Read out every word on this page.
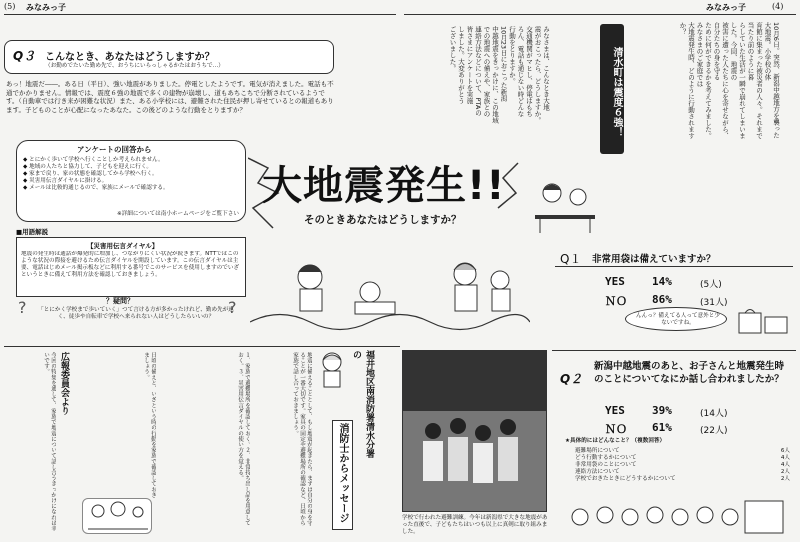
(5) みなみっ子	みなみっ子	(4)
Q３ こんなとき、あなたはどうしますか？
（お勤めでたいた勤め先で、おうちにいらっしゃるかたはおうちで…）
あっ！地震だ――。ある日（平日）、強い地震がありました。停電としたようです。電気が消えました。電話も不通でかかりません。情報では、震度６強の地震で多くの建物が崩壊し、道もあちこちで分断されているようです。（自動車では行き来が困難な状況）また、ある小学校には、避難された住民が押し寄せているとの報道もあります。子どものことが心配になったあなた。この後どのような行動をとりますか？
アンケートの回答から
◆ とにかく歩いて学校へ行くことしか考えられません。
◆ 地域の人たちと協力して、子どもを迎えに行く。
◆ 家まで戻り、家の状態を確認してから学校へ行く。
◆ 災害用伝言ダイヤルに掛ける。
◆ メールは比較的通じるので、家族にメールで確認する。
※詳細については南小ホームページをご覧下さい
■用語解説
【災害用伝言ダイヤル】
地震の発生時は通話が爆発的に増加し、つながりにくい状況が続きます。NTTではこのような状況の際接を避けるため伝言ダイヤルを開設しています。この伝言ダイヤルは主要、電話はじめメール掲示板などに利用する番号でこのサービスを使用しますのでいざというときに備えて利用方法を確認しておきましょう。
？疑問？
「とにかく学校まで歩いていく」つて言ける方が多かったけれど、勤め先が遠く、徒歩や自転車で学校へ来られない人はどうしたらいいの？
?	?
広報委員会より
今回の特集を通して、家族で地震について話し合うきっかけになれば幸いです。	日頃の備えと、いざという時の行動を家族で確認しておきましょう。	１．家族で避難場所を確認しておく。２．非常持ち出し品を用意しておく。３．災害用伝言ダイヤルの使い方を覚える。	地震に備えることとして、もし地震が起きたら、まずは自分の身を守ることが一番大切です。家具の固定や避難場所の確認など、日頃から家族で話し合っておきましょう。	福井地区南消防署清水分署の
消防士からメッセージ
みなさまは、こんなとき大地
震がおこったら、どうしますか。
交通機関がマヒし、停電はもち
ろん、電話も通じない時どんな
行動をとりますか。
10月23日におこった新潟
中越地震をきっかけに、この地域
での地震への備えや、家族との
連絡方法などについて、PTAの
皆さまにアンケートを実施
しました。大変ありがとう
ございました。	清水町は震度６強！	10月6日。突然、新潟中越地方を襲った大地震。小学校の体
育館に集まった被災者の人々。それまで当たり前のように暮
らしていた生活が一瞬で崩れてしまいました。今回、地震の
被害に遭った人たちに心を寄せながら、自分たちの身を守る
ために何ができるかを考えてみました。みなさまのご家庭では
大地震発生時、どのように行動されますか？
大地震発生!!
そのときあなたはどうしますか？
Q１ 非常用袋は備えていますか？
YES 14%	(5人)
ＮＯ 86%	(31人)
んんっ？備えてる人って意外と少ないですね。
Q２
新潟中越地震のあと、お子さんと地震発生時のことについてなにか話し合われましたか？
YES 39%	(14人)
ＮＯ 61%	(22人)
★具体的にはどんなこと？（複数回答）
避難場所について	6人
どう行動するかについて	4人
非常用袋のことについて	4人
連絡方法について	2人
学校でおきたときにどうするかについて	2人
学校で行われた避難訓練。今年は新潟県で大きな地震があった直後で、子どもたちはいつも以上に真剣に取り組みました。
